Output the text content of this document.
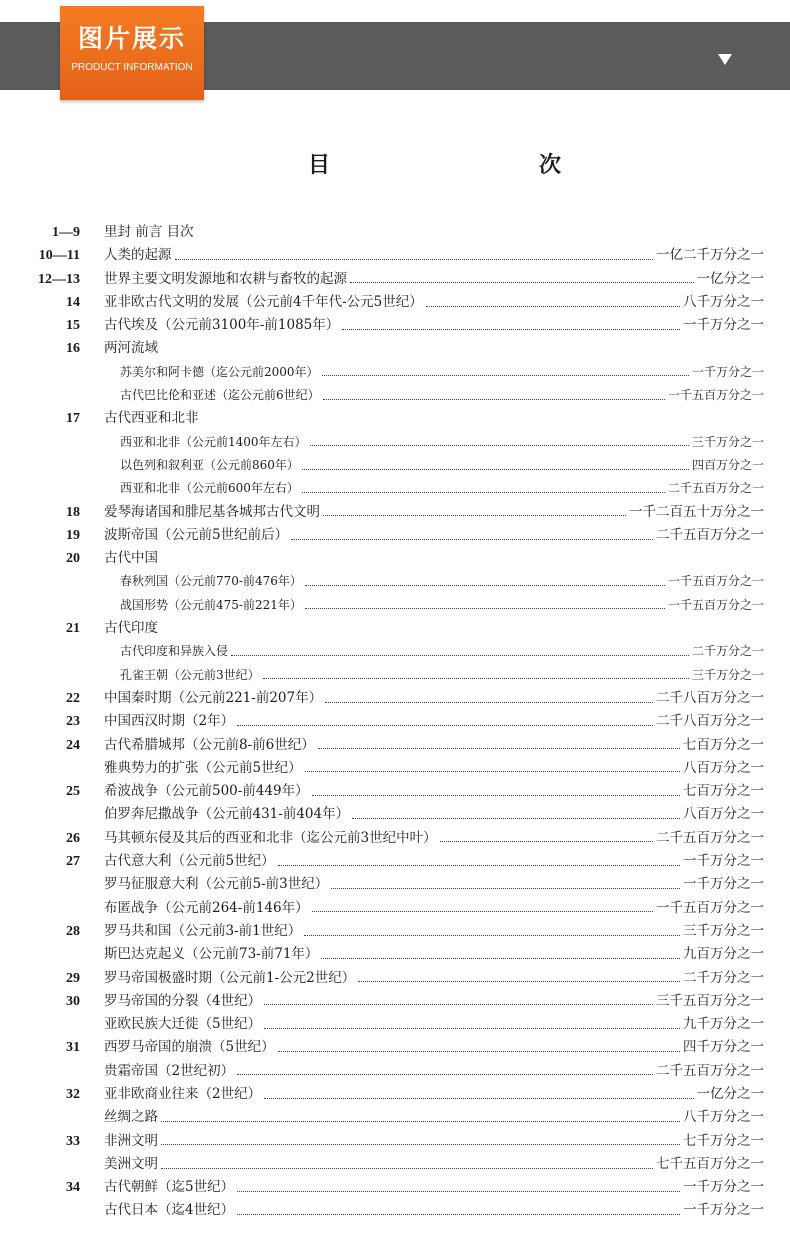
图片展示
PRODUCT INFORMATION
目	次
1—9 里封 前言 目次
10—11 人类的起源	一亿二千万分之一
12—13 世界主要文明发源地和农耕与畜牧的起源	一亿分之一
14 亚非欧古代文明的发展（公元前4千年代-公元5世纪）	八千万分之一
15 古代埃及（公元前3100年-前1085年）	一千万分之一
16 两河流域
苏美尔和阿卡德（迄公元前2000年）	一千万分之一
古代巴比伦和亚述（迄公元前6世纪）	一千五百万分之一
17 古代西亚和北非
西亚和北非（公元前1400年左右）	三千万分之一
以色列和叙利亚（公元前860年）	四百万分之一
西亚和北非（公元前600年左右）	二千五百万分之一
18 爱琴海诸国和腓尼基各城邦古代文明	一千二百五十万分之一
19 波斯帝国（公元前5世纪前后）	二千五百万分之一
20 古代中国
春秋列国（公元前770-前476年）	一千五百万分之一
战国形势（公元前475-前221年）	一千五百万分之一
21 古代印度
古代印度和异族入侵	二千万分之一
孔雀王朝（公元前3世纪）	三千万分之一
22 中国秦时期（公元前221-前207年）	二千八百万分之一
23 中国西汉时期（2年）	二千八百万分之一
24 古代希腊城邦（公元前8-前6世纪）	七百万分之一
雅典势力的扩张（公元前5世纪）	八百万分之一
25 希波战争（公元前500-前449年）	七百万分之一
伯罗奔尼撒战争（公元前431-前404年）	八百万分之一
26 马其顿东侵及其后的西亚和北非（迄公元前3世纪中叶）	二千五百万分之一
27 古代意大利（公元前5世纪）	一千万分之一
罗马征服意大利（公元前5-前3世纪）	一千万分之一
布匿战争（公元前264-前146年）	一千五百万分之一
28 罗马共和国（公元前3-前1世纪）	三千万分之一
斯巴达克起义（公元前73-前71年）	九百万分之一
29 罗马帝国极盛时期（公元前1-公元2世纪）	二千万分之一
30 罗马帝国的分裂（4世纪）	三千五百万分之一
亚欧民族大迁徙（5世纪）	九千万分之一
31 西罗马帝国的崩溃（5世纪）	四千万分之一
贵霜帝国（2世纪初）	二千五百万分之一
32 亚非欧商业往来（2世纪）	一亿分之一
丝绸之路	八千万分之一
33 非洲文明	七千万分之一
美洲文明	七千五百万分之一
34 古代朝鲜（迄5世纪）	一千万分之一
古代日本（迄4世纪）	一千万分之一
